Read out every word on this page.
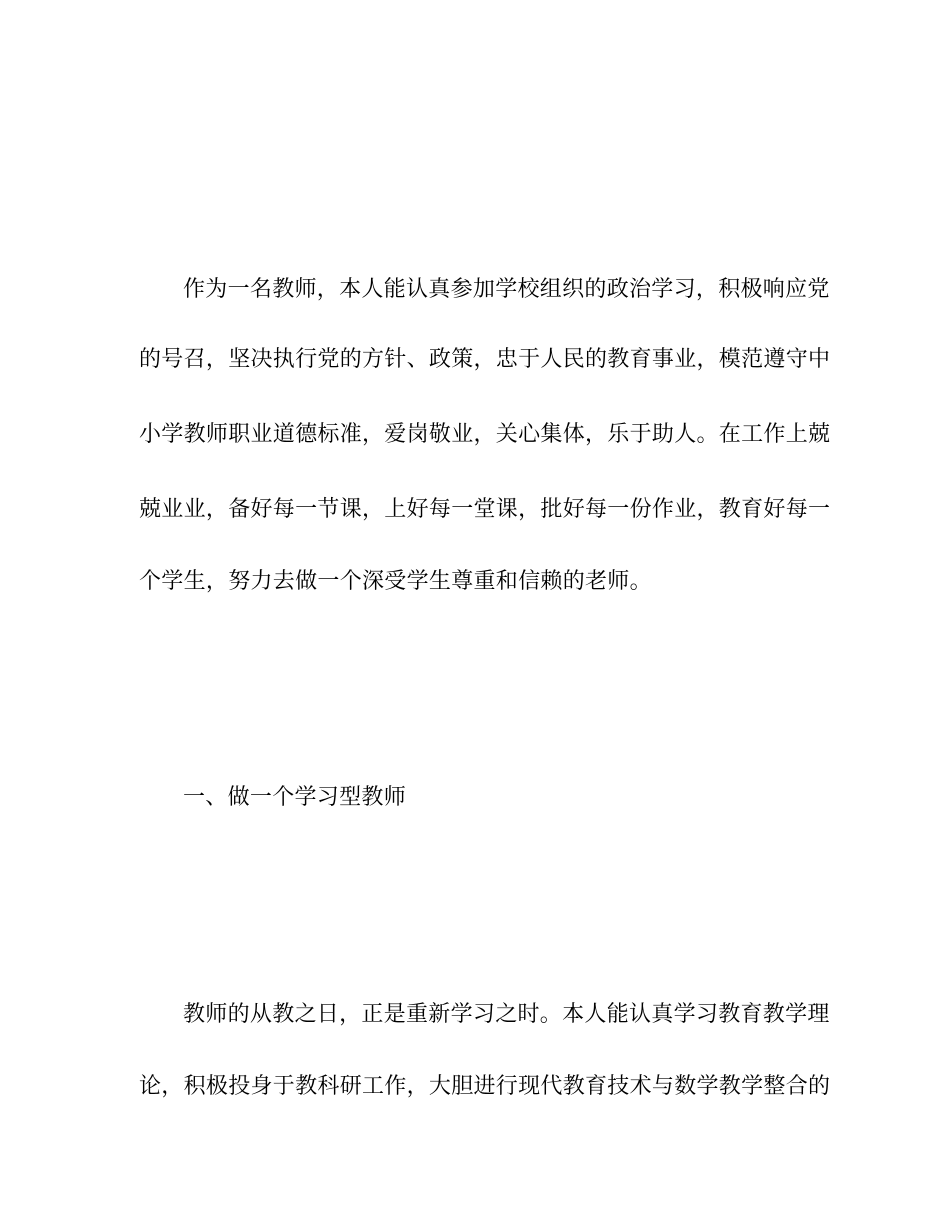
作为一名教师，本人能认真参加学校组织的政治学习，积极响应党
的号召，坚决执行党的方针、政策，忠于人民的教育事业，模范遵守中
小学教师职业道德标准，爱岗敬业，关心集体，乐于助人。在工作上兢
兢业业，备好每一节课，上好每一堂课，批好每一份作业，教育好每一
个学生，努力去做一个深受学生尊重和信赖的老师。
一、做一个学习型教师
教师的从教之日，正是重新学习之时。本人能认真学习教育教学理
论，积极投身于教科研工作，大胆进行现代教育技术与数学教学整合的
